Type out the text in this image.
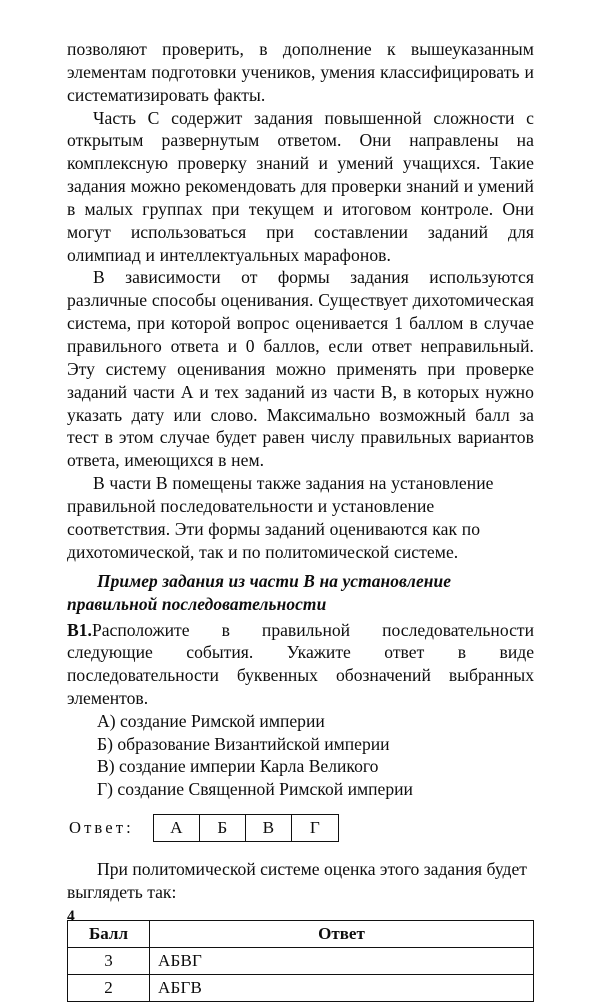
позволяют проверить, в дополнение к вышеуказанным элементам подготовки учеников, умения классифицировать и систематизировать факты.

Часть С содержит задания повышенной сложности с открытым развернутым ответом. Они направлены на комплексную проверку знаний и умений учащихся. Такие задания можно рекомендовать для проверки знаний и умений в малых группах при текущем и итоговом контроле. Они могут использоваться при составлении заданий для олимпиад и интеллектуальных марафонов.

В зависимости от формы задания используются различные способы оценивания. Существует дихотомическая система, при которой вопрос оценивается 1 баллом в случае правильного ответа и 0 баллов, если ответ неправильный. Эту систему оценивания можно применять при проверке заданий части А и тех заданий из части В, в которых нужно указать дату или слово. Максимально возможный балл за тест в этом случае будет равен числу правильных вариантов ответа, имеющихся в нем.

В части В помещены также задания на установление правильной последовательности и установление соответствия. Эти формы заданий оцениваются как по дихотомической, так и по политомической системе.

Пример задания из части В на установление правильной последовательности

В1.Расположите в правильной последовательности следующие события. Укажите ответ в виде последовательности буквенных обозначений выбранных элементов.

А) создание Римской империи
Б) образование Византийской империи
В) создание империи Карла Великого
Г) создание Священной Римской империи
Ответ:	А	Б	В	Г

При политомической системе оценка этого задания будет выглядеть так:

Балл	Ответ
3	АБВГ
2	АБГВ
4
